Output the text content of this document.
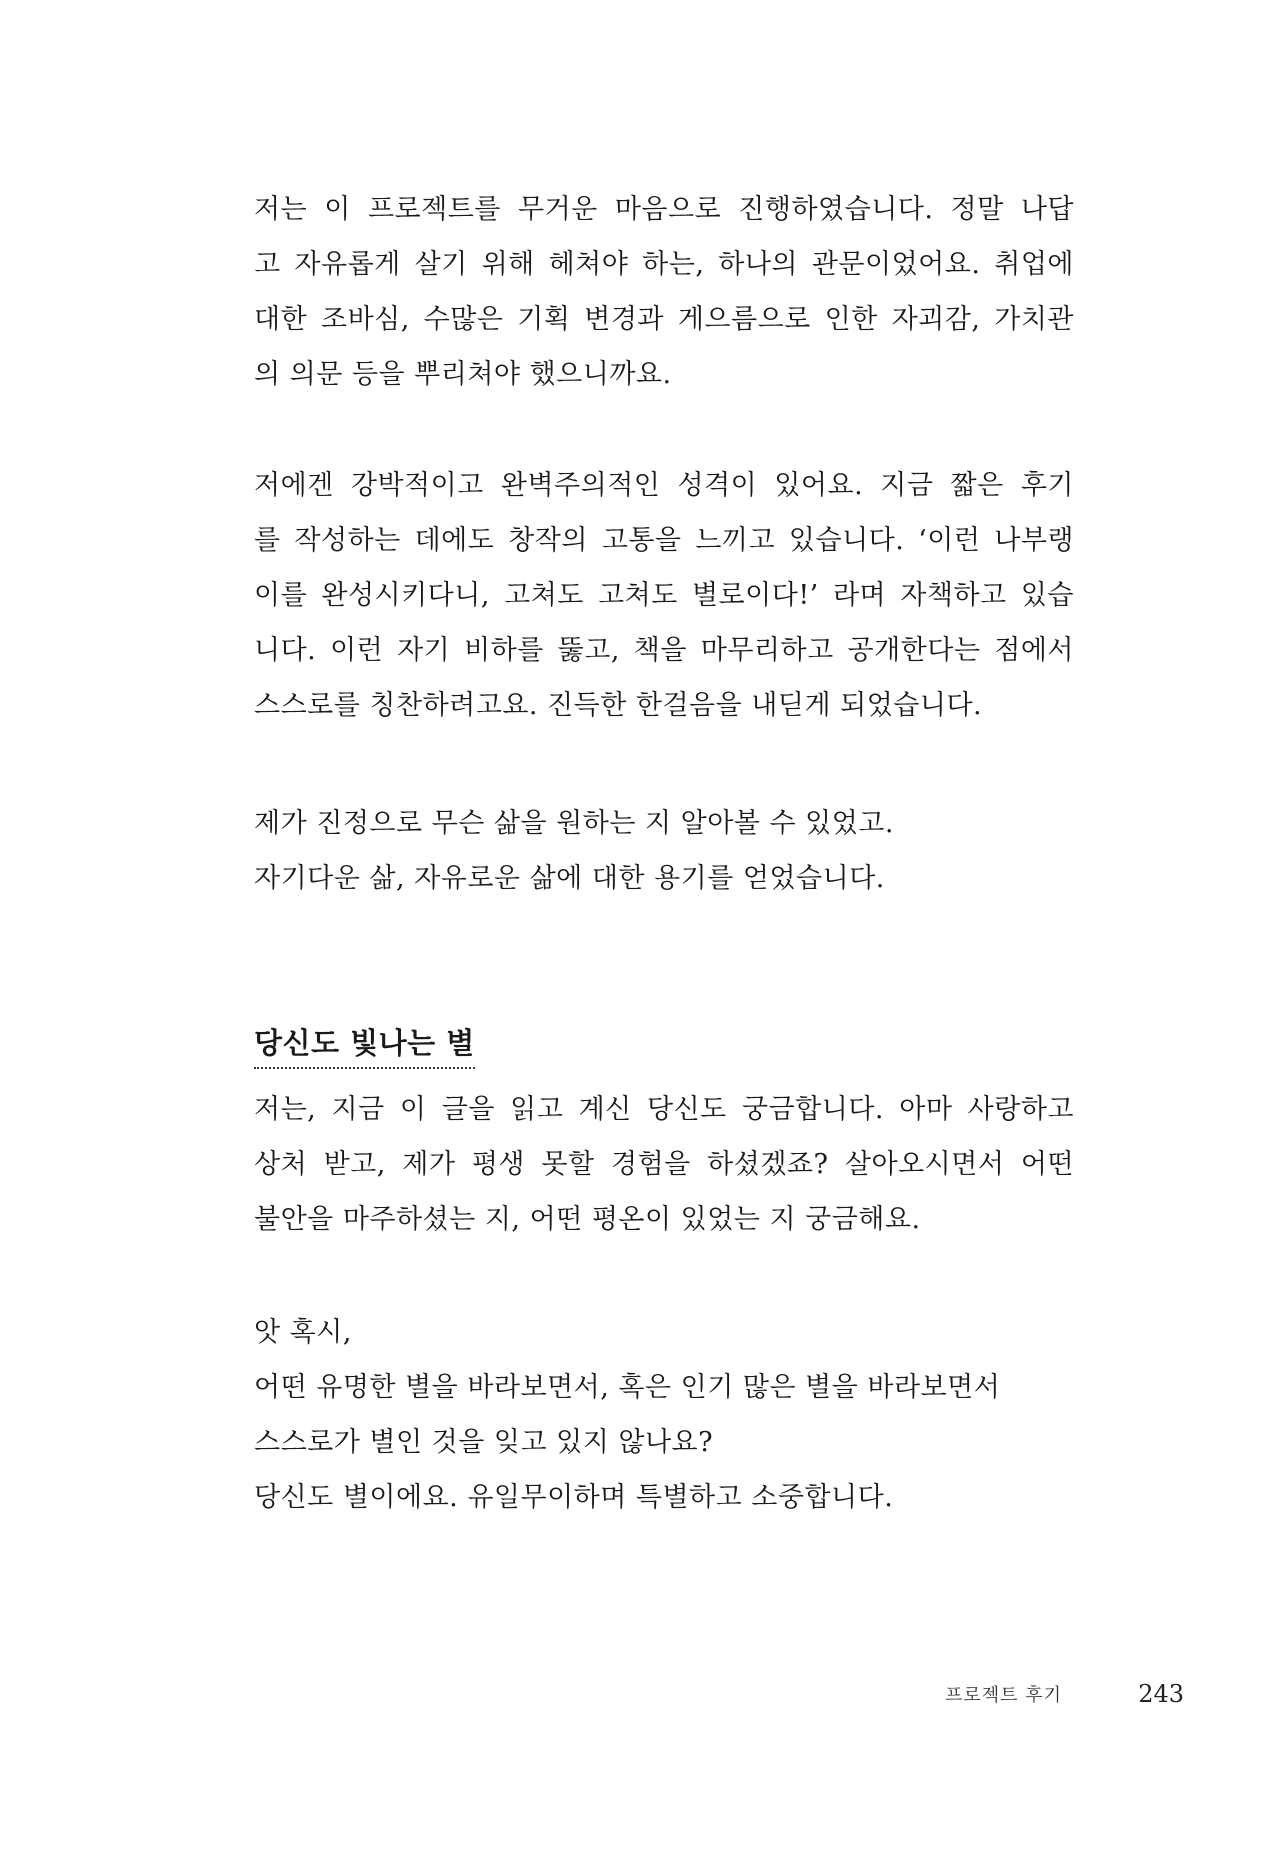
저는 이 프로젝트를 무거운 마음으로 진행하였습니다. 정말 나답
고 자유롭게 살기 위해 헤쳐야 하는, 하나의 관문이었어요. 취업에
대한 조바심, 수많은 기획 변경과 게으름으로 인한 자괴감, 가치관
의 의문 등을 뿌리쳐야 했으니까요.

저에겐 강박적이고 완벽주의적인 성격이 있어요. 지금 짧은 후기
를 작성하는 데에도 창작의 고통을 느끼고 있습니다. ‘이런 나부랭
이를 완성시키다니, 고쳐도 고쳐도 별로이다!’ 라며 자책하고 있습
니다. 이런 자기 비하를 뚫고, 책을 마무리하고 공개한다는 점에서
스스로를 칭찬하려고요. 진득한 한걸음을 내딛게 되었습니다.

제가 진정으로 무슨 삶을 원하는 지 알아볼 수 있었고.
자기다운 삶, 자유로운 삶에 대한 용기를 얻었습니다.

당신도 빛나는 별

저는, 지금 이 글을 읽고 계신 당신도 궁금합니다. 아마 사랑하고
상처 받고, 제가 평생 못할 경험을 하셨겠죠? 살아오시면서 어떤
불안을 마주하셨는 지, 어떤 평온이 있었는 지 궁금해요.

앗 혹시,
어떤 유명한 별을 바라보면서, 혹은 인기 많은 별을 바라보면서
스스로가 별인 것을 잊고 있지 않나요?
당신도 별이에요. 유일무이하며 특별하고 소중합니다.

프로젝트 후기	243
